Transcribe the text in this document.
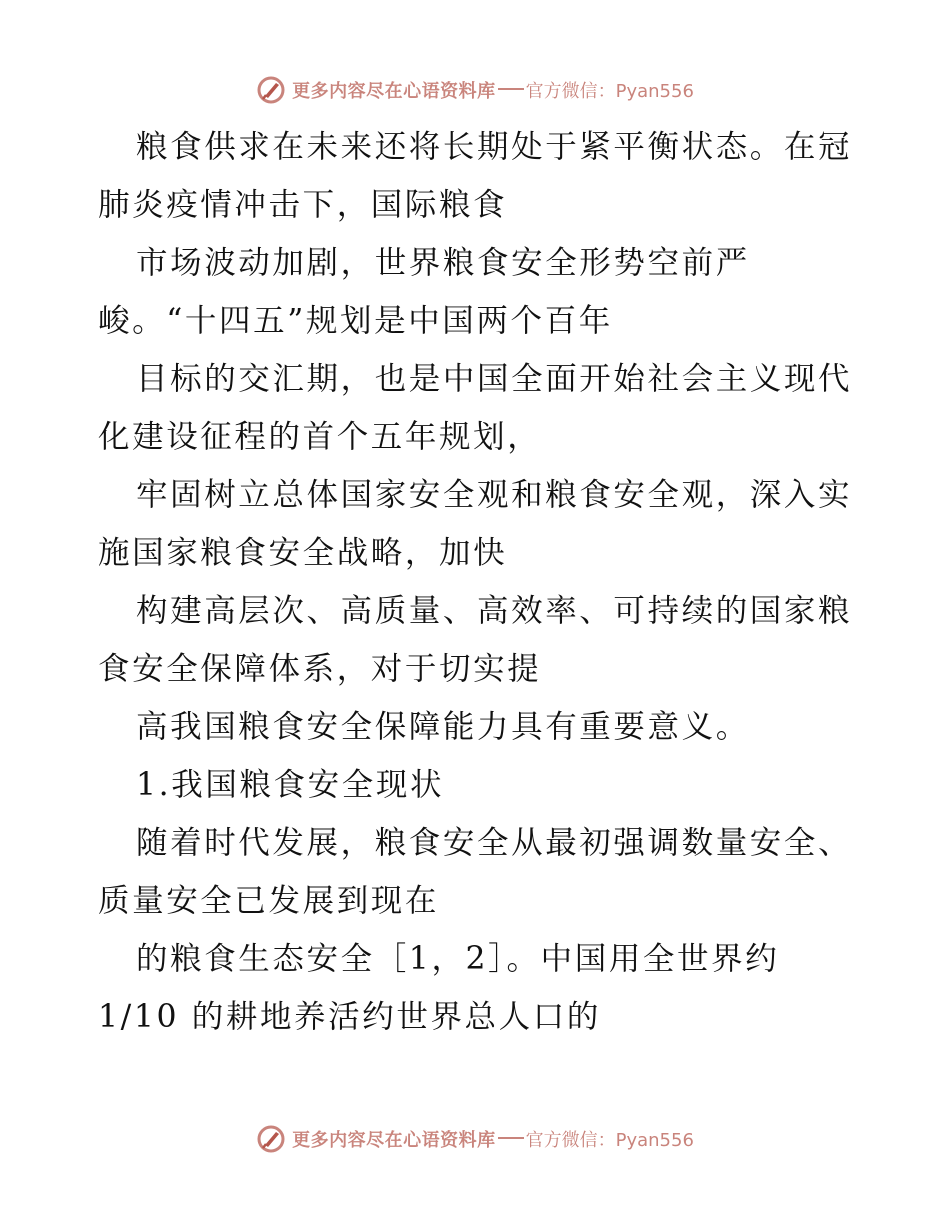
更多内容尽在心语资料库 官方微信：Pyan556
粮食供求在未来还将长期处于紧平衡状态。在冠
肺炎疫情冲击下，国际粮食
市场波动加剧，世界粮食安全形势空前严
峻。“十四五”规划是中国两个百年
目标的交汇期，也是中国全面开始社会主义现代
化建设征程的首个五年规划，
牢固树立总体国家安全观和粮食安全观，深入实
施国家粮食安全战略，加快
构建高层次、高质量、高效率、可持续的国家粮
食安全保障体系，对于切实提
高我国粮食安全保障能力具有重要意义。
1.我国粮食安全现状
随着时代发展，粮食安全从最初强调数量安全、
质量安全已发展到现在
的粮食生态安全［1，2］。中国用全世界约
1/10 的耕地养活约世界总人口的
更多内容尽在心语资料库 官方微信：Pyan556
